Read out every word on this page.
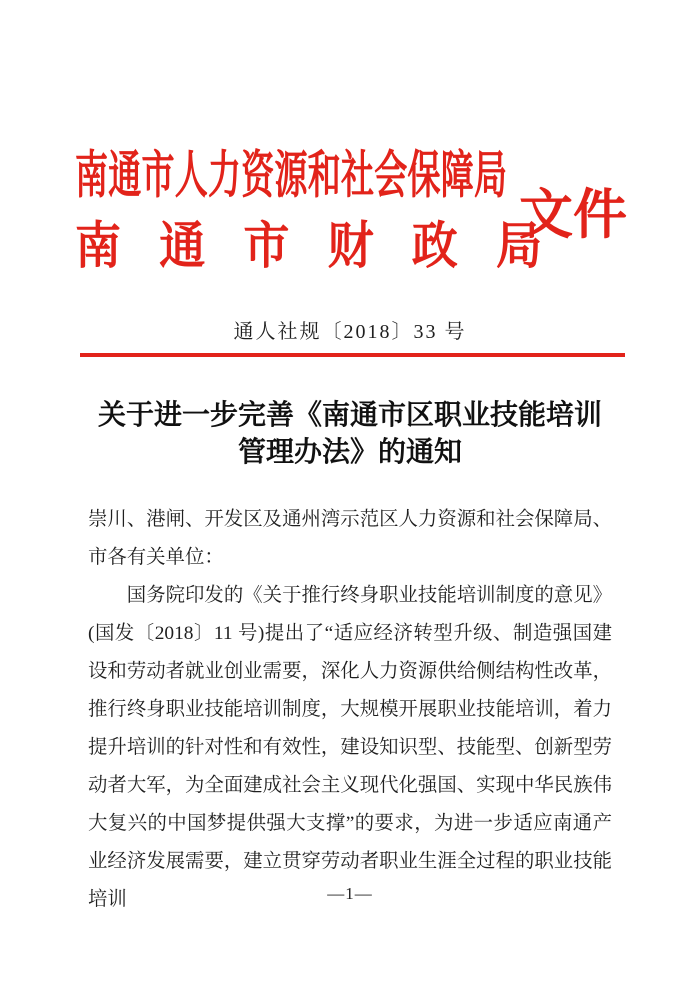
南 通 市 人 力 资 源 和 社 会 保 障 局
南 通 市 财 政 局
文件
通人社规〔2018〕33 号
关于进一步完善《南通市区职业技能培训
管理办法》的通知

崇川、港闸、开发区及通州湾示范区人力资源和社会保障局、市各有关单位：

国务院印发的《关于推行终身职业技能培训制度的意见》(国发〔2018〕11 号)提出了“适应经济转型升级、制造强国建设和劳动者就业创业需要，深化人力资源供给侧结构性改革，推行终身职业技能培训制度，大规模开展职业技能培训，着力提升培训的针对性和有效性，建设知识型、技能型、创新型劳动者大军，为全面建成社会主义现代化强国、实现中华民族伟大复兴的中国梦提供强大支撑”的要求，为进一步适应南通产业经济发展需要，建立贯穿劳动者职业生涯全过程的职业技能培训	—1—
